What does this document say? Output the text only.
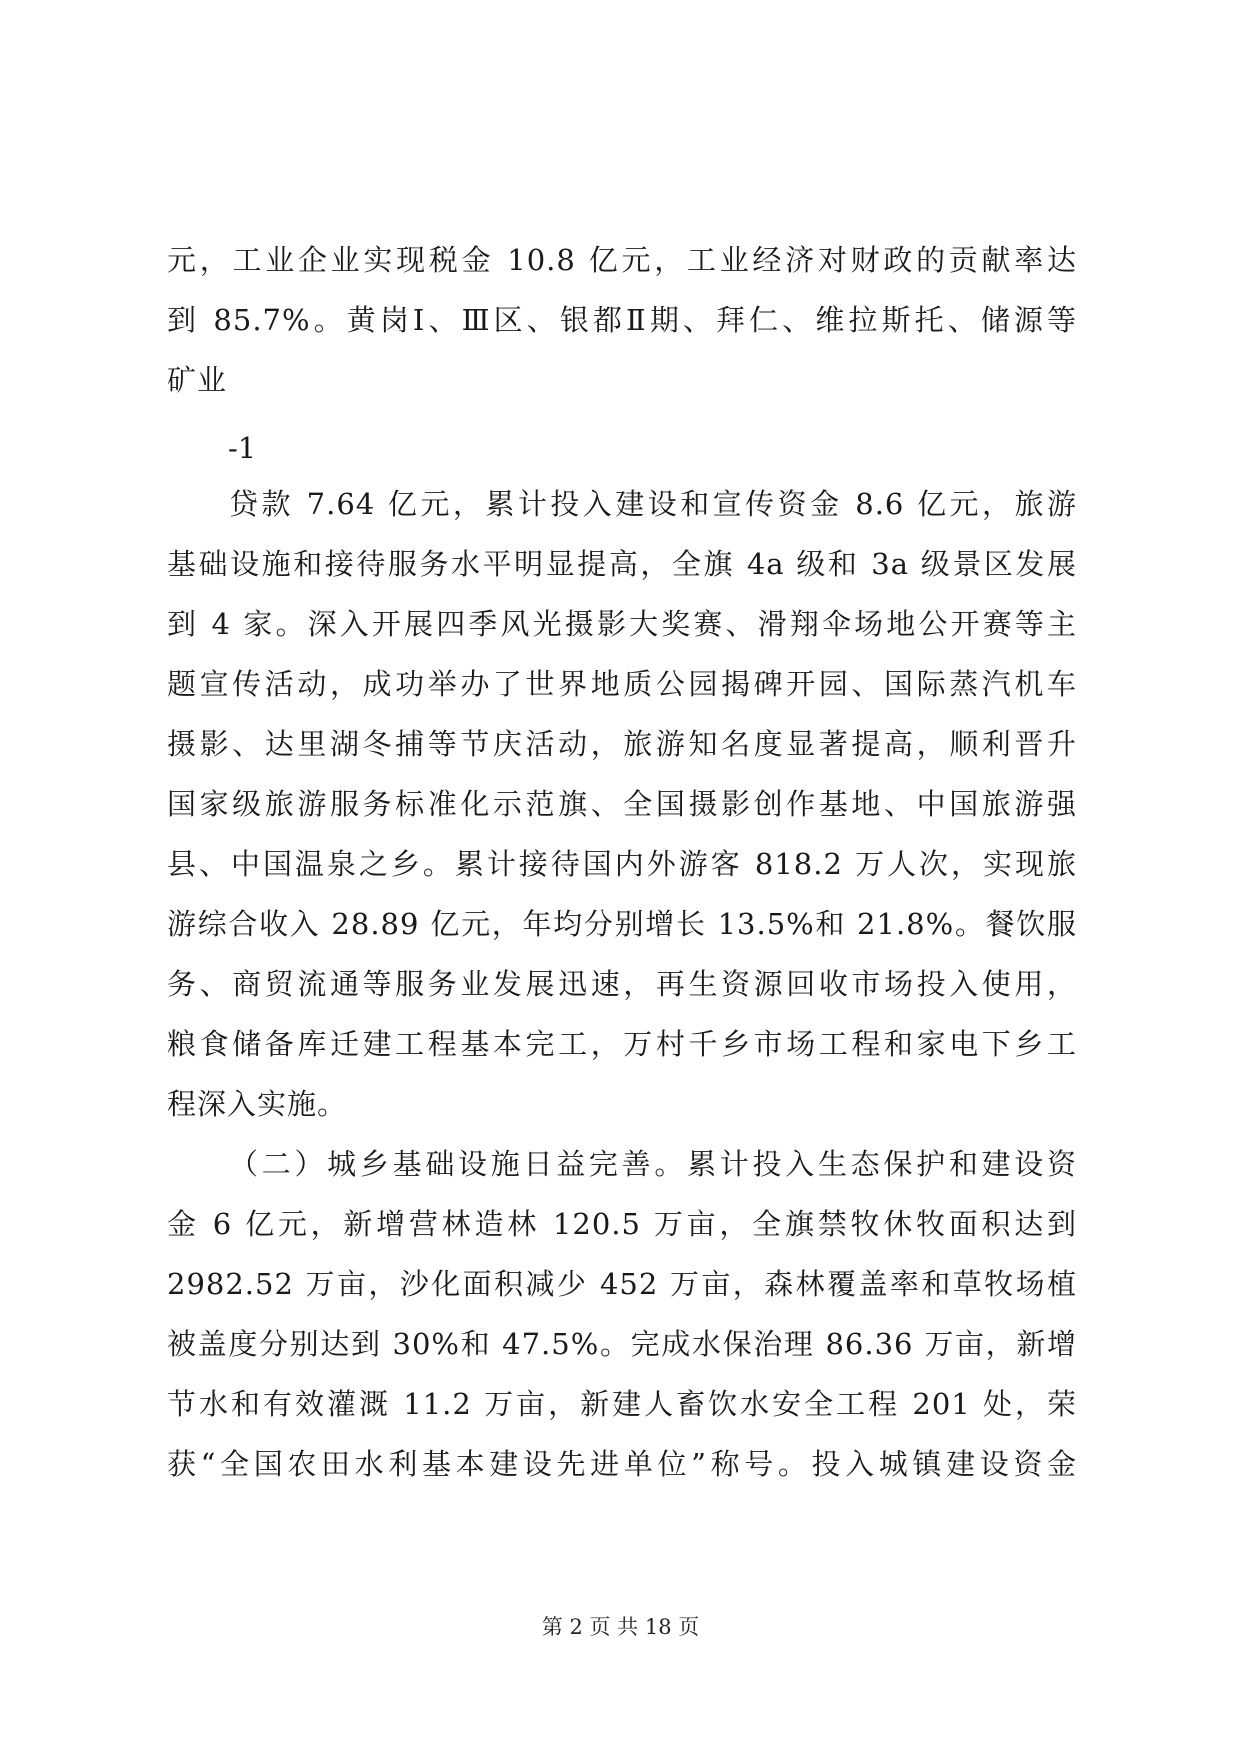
元，工业企业实现税金 10.8 亿元，工业经济对财政的贡献率达
到 85.7%。黄岗Ⅰ、Ⅲ区、银都Ⅱ期、拜仁、维拉斯托、储源等
矿业
-1
贷款 7.64 亿元，累计投入建设和宣传资金 8.6 亿元，旅游
基础设施和接待服务水平明显提高，全旗 4a 级和 3a 级景区发展
到 4 家。深入开展四季风光摄影大奖赛、滑翔伞场地公开赛等主
题宣传活动，成功举办了世界地质公园揭碑开园、国际蒸汽机车
摄影、达里湖冬捕等节庆活动，旅游知名度显著提高，顺利晋升
国家级旅游服务标准化示范旗、全国摄影创作基地、中国旅游强
县、中国温泉之乡。累计接待国内外游客 818.2 万人次，实现旅
游综合收入 28.89 亿元，年均分别增长 13.5%和 21.8%。餐饮服
务、商贸流通等服务业发展迅速，再生资源回收市场投入使用，
粮食储备库迁建工程基本完工，万村千乡市场工程和家电下乡工
程深入实施。
（二）城乡基础设施日益完善。累计投入生态保护和建设资
金 6 亿元，新增营林造林 120.5 万亩，全旗禁牧休牧面积达到
2982.52 万亩，沙化面积减少 452 万亩，森林覆盖率和草牧场植
被盖度分别达到 30%和 47.5%。完成水保治理 86.36 万亩，新增
节水和有效灌溉 11.2 万亩，新建人畜饮水安全工程 201 处，荣
获“全国农田水利基本建设先进单位”称号。投入城镇建设资金
第 2 页 共 18 页
